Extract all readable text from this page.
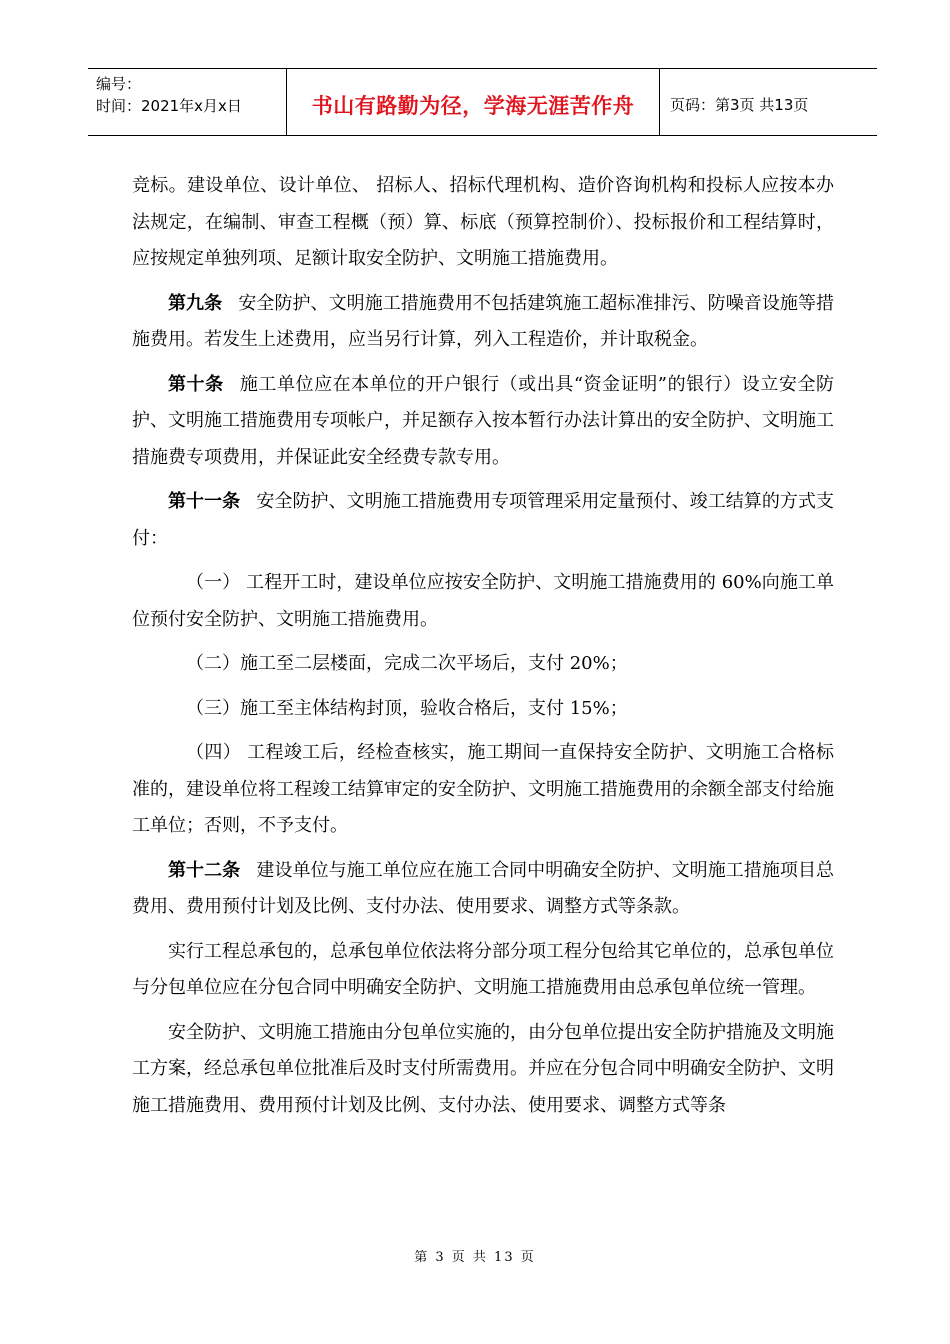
编号：
时间：2021年x月x日	书山有路勤为径，学海无涯苦作舟 页码：第3页 共13页

竞标。建设单位、设计单位、 招标人、招标代理机构、造价咨询机构和投标人应按本办法规定，在编制、审查工程概（预）算、标底（预算控制价）、投标报价和工程结算时，应按规定单独列项、足额计取安全防护、文明施工措施费用。

第九条 安全防护、文明施工措施费用不包括建筑施工超标准排污、防噪音设施等措施费用。若发生上述费用，应当另行计算，列入工程造价，并计取税金。

第十条 施工单位应在本单位的开户银行（或出具“资金证明”的银行）设立安全防护、文明施工措施费用专项帐户，并足额存入按本暂行办法计算出的安全防护、文明施工措施费专项费用，并保证此安全经费专款专用。

第十一条 安全防护、文明施工措施费用专项管理采用定量预付、竣工结算的方式支付：

（一） 工程开工时，建设单位应按安全防护、文明施工措施费用的 60%向施工单位预付安全防护、文明施工措施费用。

（二）施工至二层楼面，完成二次平场后，支付 20%；

（三）施工至主体结构封顶，验收合格后，支付 15%；

（四） 工程竣工后，经检查核实，施工期间一直保持安全防护、文明施工合格标准的，建设单位将工程竣工结算审定的安全防护、文明施工措施费用的余额全部支付给施工单位；否则，不予支付。

第十二条 建设单位与施工单位应在施工合同中明确安全防护、文明施工措施项目总费用、费用预付计划及比例、支付办法、使用要求、调整方式等条款。

实行工程总承包的，总承包单位依法将分部分项工程分包给其它单位的，总承包单位与分包单位应在分包合同中明确安全防护、文明施工措施费用由总承包单位统一管理。

安全防护、文明施工措施由分包单位实施的，由分包单位提出安全防护措施及文明施工方案，经总承包单位批准后及时支付所需费用。并应在分包合同中明确安全防护、文明施工措施费用、费用预付计划及比例、支付办法、使用要求、调整方式等条

第 3 页 共 13 页
